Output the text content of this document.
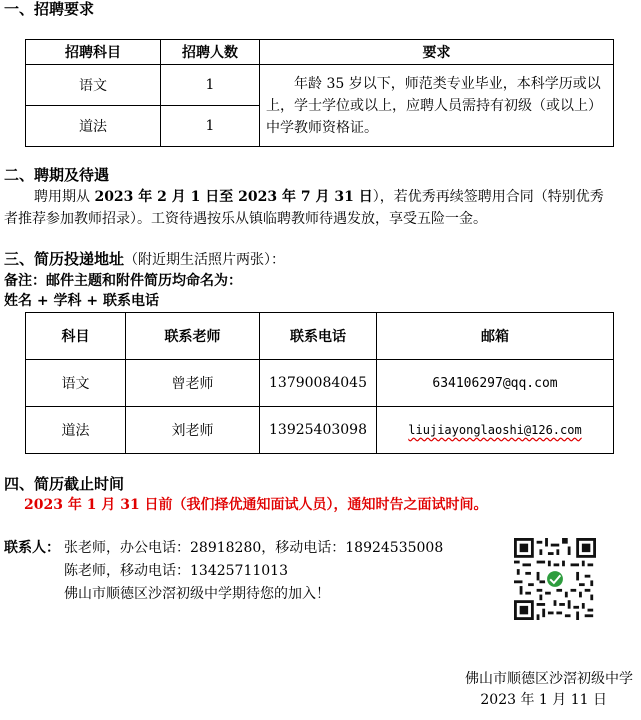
一、招聘要求
招聘科目	招聘人数	要求
语文	1	年龄 35 岁以下，师范类专业毕业，本科学历或以上，学士学位或以上，应聘人员需持有初级（或以上）中学教师资格证。

道法	1	
二、聘期及待遇
聘用期从 2023 年 2 月 1 日至 2023 年 7 月 31 日），若优秀再续签聘用合同（特别优秀
者推荐参加教师招录）。工资待遇按乐从镇临聘教师待遇发放，享受五险一金。
三、简历投递地址（附近期生活照片两张）：
备注：邮件主题和附件简历均命名为：
姓名 + 学科 + 联系电话
科目	联系老师	联系电话	邮箱
语文	曾老师	13790084045	634106297@qq.com
道法	刘老师	13925403098	liujiayonglaoshi@126.com
四、简历截止时间
2023 年 1 月 31 日前（我们择优通知面试人员），通知时告之面试时间。
联系人： 张老师，办公电话：28918280，移动电话：18924535008
陈老师，移动电话：13425711013
佛山市顺德区沙滘初级中学期待您的加入！
佛山市顺德区沙滘初级中学
2023 年 1 月 11 日
